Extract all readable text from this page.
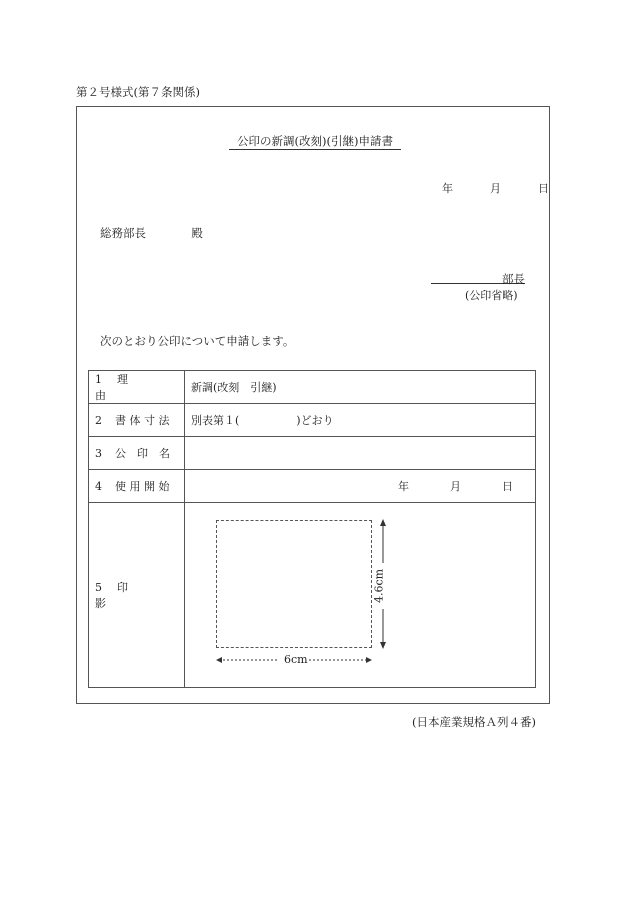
第２号様式(第７条関係)
公印の新調(改刻)(引継)申請書
年	月	日
総務部長	殿
部長
(公印省略)
次のとおり公印について申請します。
1 理  由	新調(改刻　引継)
2 書 体 寸 法	別表第１( )どおり
3 公　印　名	
4 使 用 開 始	年 月 日

5 印  影	4.6cm
6cm
(日本産業規格Ａ列４番)
